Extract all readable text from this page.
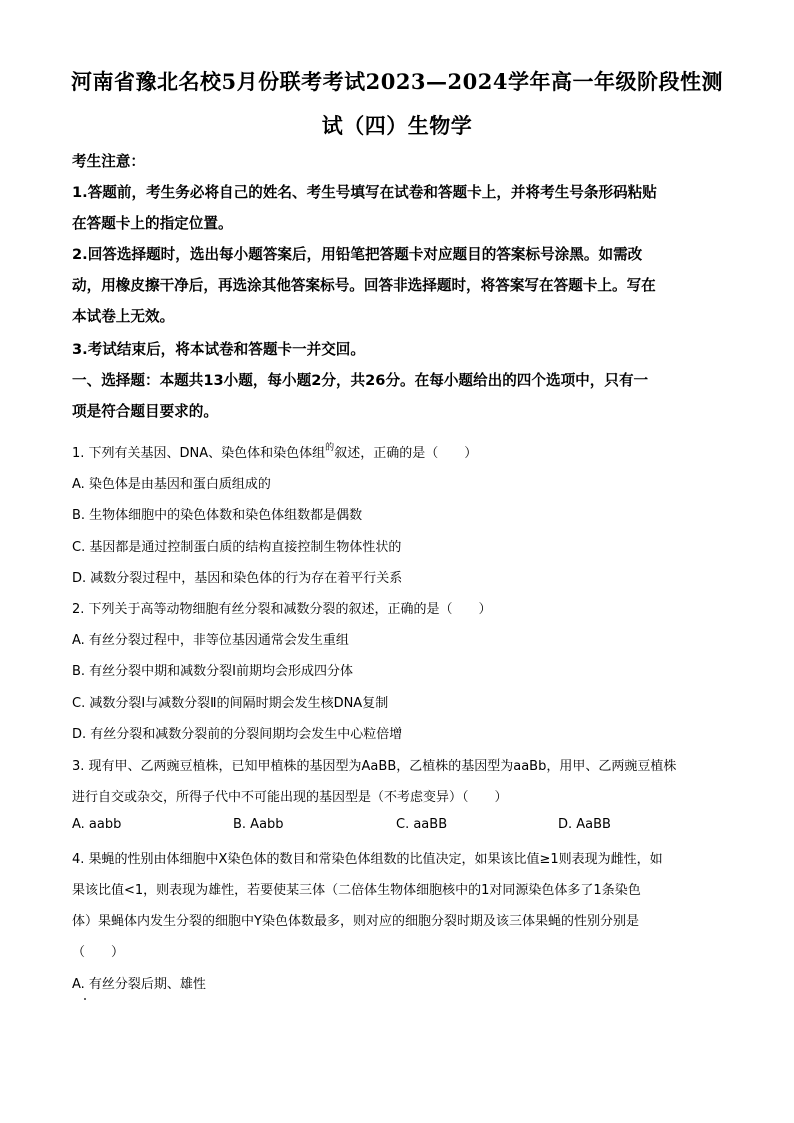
河南省豫北名校5月份联考考试2023—2024学年高一年级阶段性测
试（四）生物学
考生注意：
1.答题前，考生务必将自己的姓名、考生号填写在试卷和答题卡上，并将考生号条形码粘贴
在答题卡上的指定位置。
2.回答选择题时，选出每小题答案后，用铅笔把答题卡对应题目的答案标号涂黑。如需改
动，用橡皮擦干净后，再选涂其他答案标号。回答非选择题时，将答案写在答题卡上。写在
本试卷上无效。
3.考试结束后，将本试卷和答题卡一并交回。
一、选择题：本题共13小题，每小题2分，共26分。在每小题给出的四个选项中，只有一
项是符合题目要求的。
1. 下列有关基因、DNA、染色体和染色体组$^的$叙述，正确的是（　　）
A. 染色体是由基因和蛋白质组成的
B. 生物体细胞中的染色体数和染色体组数都是偶数
C. 基因都是通过控制蛋白质的结构直接控制生物体性状的
D. 减数分裂过程中，基因和染色体的行为存在着平行关系
2. 下列关于高等动物细胞有丝分裂和减数分裂的叙述，正确的是（　　）
A. 有丝分裂过程中，非等位基因通常会发生重组
B. 有丝分裂中期和减数分裂Ⅰ前期均会形成四分体
C. 减数分裂Ⅰ与减数分裂Ⅱ的间隔时期会发生核DNA复制
D. 有丝分裂和减数分裂前的分裂间期均会发生中心粒倍增
3. 现有甲、乙两豌豆植株，已知甲植株的基因型为AaBB，乙植株的基因型为aaBb，用甲、乙两豌豆植株
进行自交或杂交，所得子代中不可能出现的基因型是（不考虑变异）（　　）
A. aabb	B. Aabb	C. aaBB	D. AaBB
4. 果蝇的性别由体细胞中X染色体的数目和常染色体组数的比值决定，如果该比值≥1则表现为雌性，如
果该比值<1，则表现为雄性，若要使某三体（二倍体生物体细胞核中的1对同源染色体多了1条染色
体）果蝇体内发生分裂的细胞中Y染色体数最多，则对应的细胞分裂时期及该三体果蝇的性别分别是
（　　）
A. 有丝分裂后期、雄性
